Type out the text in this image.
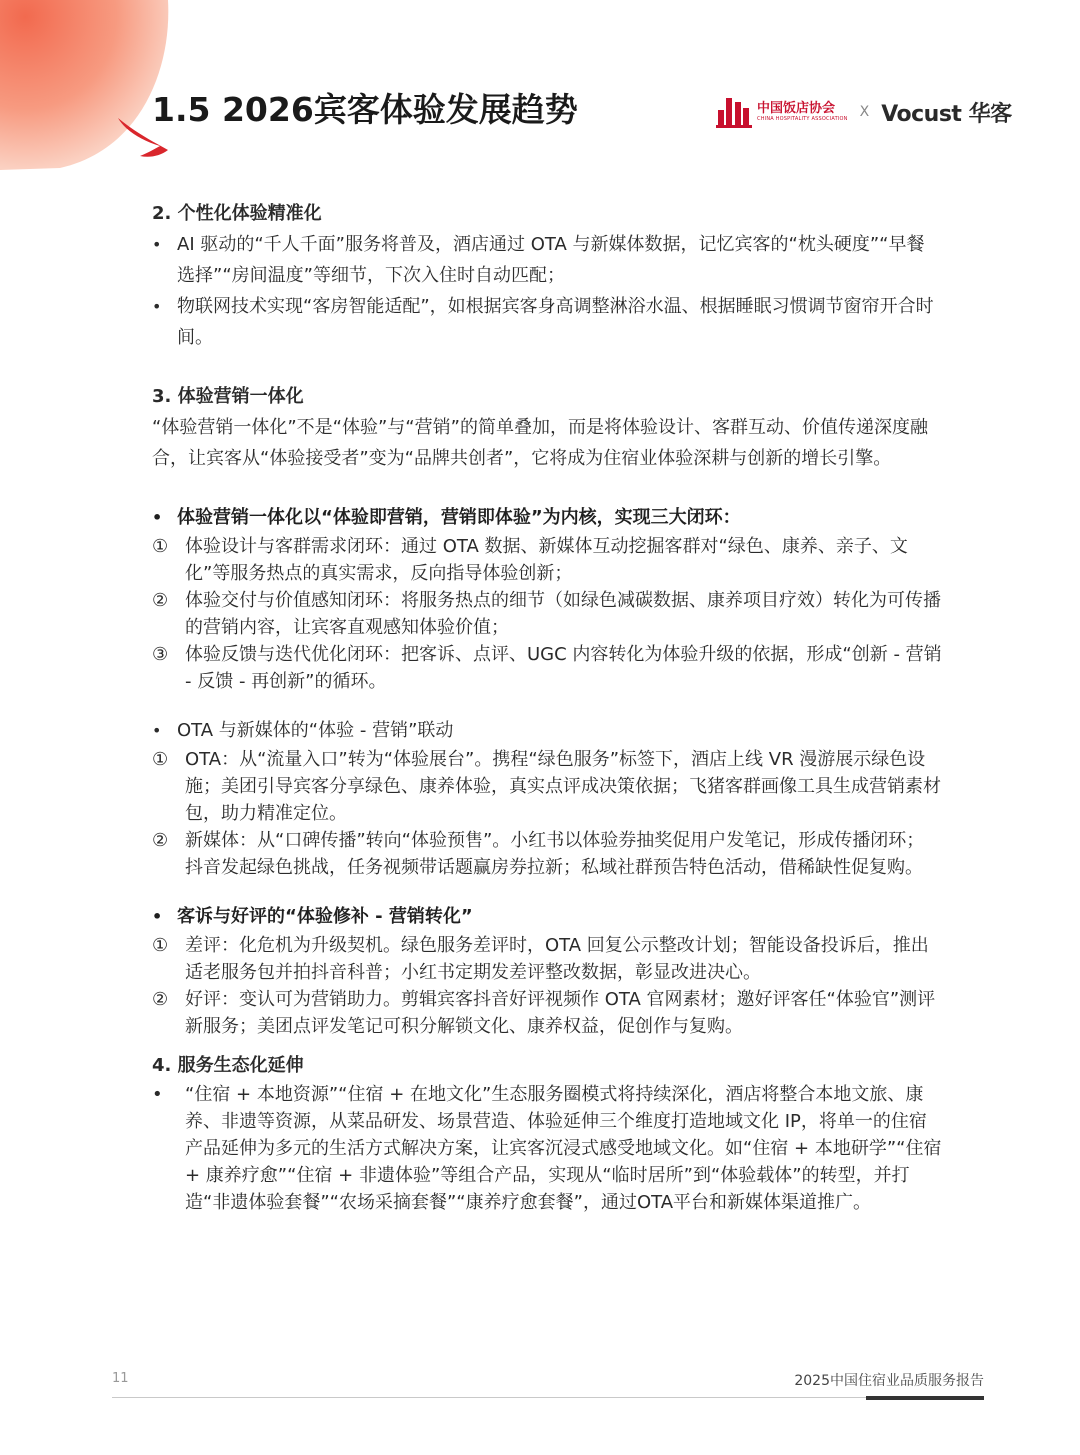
1.5 2026宾客体验发展趋势	中国饭店协会
CHINA HOSPITALITY ASSOCIATION X Vocust 华客

2. 个性化体验精准化

• AI 驱动的“千人千面”服务将普及，酒店通过 OTA 与新媒体数据，记忆宾客的“枕头硬度”“早餐选择”“房间温度”等细节，下次入住时自动匹配；
• 物联网技术实现“客房智能适配”，如根据宾客身高调整淋浴水温、根据睡眠习惯调节窗帘开合时间。

3. 体验营销一体化

“体验营销一体化”不是“体验”与“营销”的简单叠加，而是将体验设计、客群互动、价值传递深度融合，让宾客从“体验接受者”变为“品牌共创者”，它将成为住宿业体验深耕与创新的增长引擎。

• 体验营销一体化以“体验即营销，营销即体验”为内核，实现三大闭环：
① 体验设计与客群需求闭环：通过 OTA 数据、新媒体互动挖掘客群对“绿色、康养、亲子、文化”等服务热点的真实需求，反向指导体验创新；
② 体验交付与价值感知闭环：将服务热点的细节（如绿色减碳数据、康养项目疗效）转化为可传播的营销内容，让宾客直观感知体验价值；
③ 体验反馈与迭代优化闭环：把客诉、点评、UGC 内容转化为体验升级的依据，形成“创新 - 营销 - 反馈 - 再创新”的循环。
• OTA 与新媒体的“体验 - 营销”联动
① OTA：从“流量入口”转为“体验展台”。携程“绿色服务”标签下，酒店上线 VR 漫游展示绿色设施；美团引导宾客分享绿色、康养体验，真实点评成决策依据；飞猪客群画像工具生成营销素材包，助力精准定位。
② 新媒体：从“口碑传播”转向“体验预售”。小红书以体验券抽奖促用户发笔记，形成传播闭环；抖音发起绿色挑战，任务视频带话题赢房券拉新；私域社群预告特色活动，借稀缺性促复购。
• 客诉与好评的“体验修补 - 营销转化”
① 差评：化危机为升级契机。绿色服务差评时，OTA 回复公示整改计划；智能设备投诉后，推出适老服务包并拍抖音科普；小红书定期发差评整改数据，彰显改进决心。
② 好评：变认可为营销助力。剪辑宾客抖音好评视频作 OTA 官网素材；邀好评客任“体验官”测评新服务；美团点评发笔记可积分解锁文化、康养权益，促创作与复购。

4. 服务生态化延伸

•	“住宿 + 本地资源”“住宿 + 在地文化”生态服务圈模式将持续深化，酒店将整合本地文旅、康养、非遗等资源，从菜品研发、场景营造、体验延伸三个维度打造地域文化 IP，将单一的住宿产品延伸为多元的生活方式解决方案，让宾客沉浸式感受地域文化。如“住宿 + 本地研学”“住宿 + 康养疗愈”“住宿 + 非遗体验”等组合产品，实现从“临时居所”到“体验载体”的转型，并打造“非遗体验套餐”“农场采摘套餐”“康养疗愈套餐”，通过OTA平台和新媒体渠道推广。
11	2025中国住宿业品质服务报告
